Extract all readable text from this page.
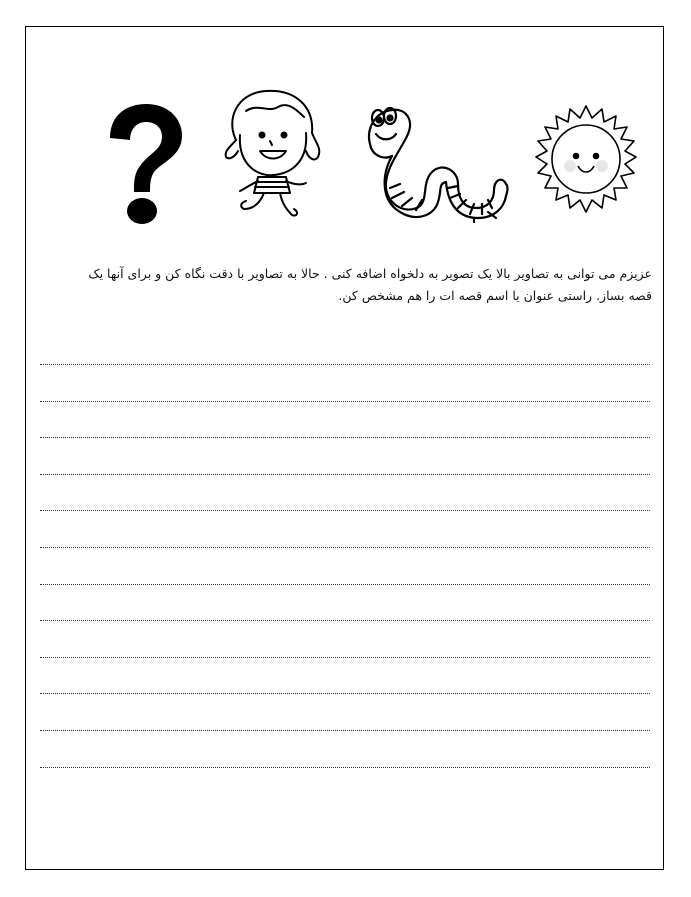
عزیزم می توانی به تصاویر بالا یک تصویر به دلخواه اضافه کنی . حالا به تصاویر با دقت نگاه کن و برای آنها یک

قصه بساز. راستی عنوان یا اسم قصه ات را هم مشخص کن.
